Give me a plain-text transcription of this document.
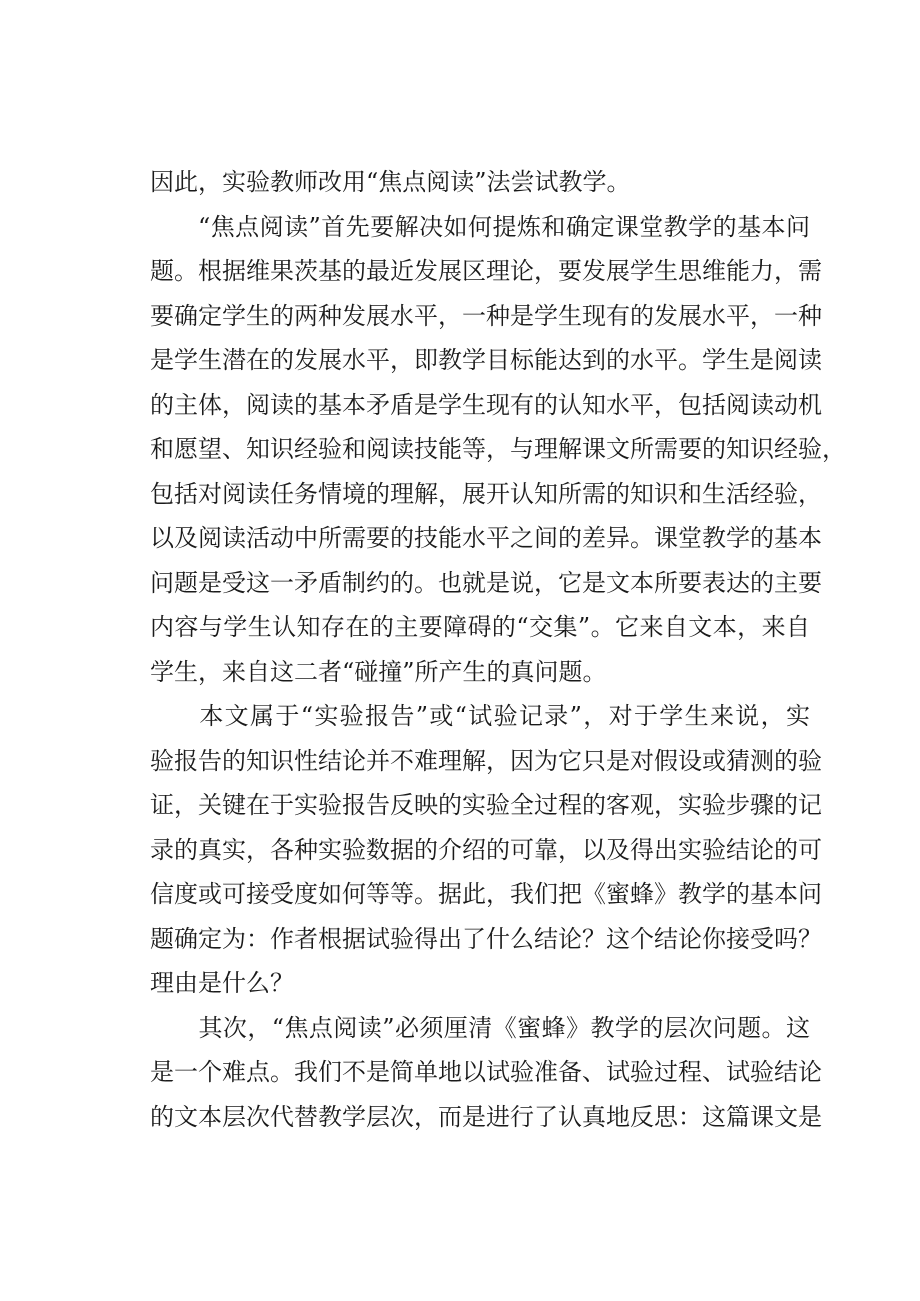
因此，实验教师改用“焦点阅读”法尝试教学。
“焦点阅读”首先要解决如何提炼和确定课堂教学的基本问
题。根据维果茨基的最近发展区理论，要发展学生思维能力，需
要确定学生的两种发展水平，一种是学生现有的发展水平，一种
是学生潜在的发展水平，即教学目标能达到的水平。学生是阅读
的主体，阅读的基本矛盾是学生现有的认知水平，包括阅读动机
和愿望、知识经验和阅读技能等，与理解课文所需要的知识经验，
包括对阅读任务情境的理解，展开认知所需的知识和生活经验，
以及阅读活动中所需要的技能水平之间的差异。课堂教学的基本
问题是受这一矛盾制约的。也就是说，它是文本所要表达的主要
内容与学生认知存在的主要障碍的“交集”。它来自文本，来自
学生，来自这二者“碰撞”所产生的真问题。
本文属于“实验报告”或“试验记录”，对于学生来说，实
验报告的知识性结论并不难理解，因为它只是对假设或猜测的验
证，关键在于实验报告反映的实验全过程的客观，实验步骤的记
录的真实，各种实验数据的介绍的可靠，以及得出实验结论的可
信度或可接受度如何等等。据此，我们把《蜜蜂》教学的基本问
题确定为：作者根据试验得出了什么结论？这个结论你接受吗？
理由是什么？
其次，“焦点阅读”必须厘清《蜜蜂》教学的层次问题。这
是一个难点。我们不是简单地以试验准备、试验过程、试验结论
的文本层次代替教学层次，而是进行了认真地反思：这篇课文是
